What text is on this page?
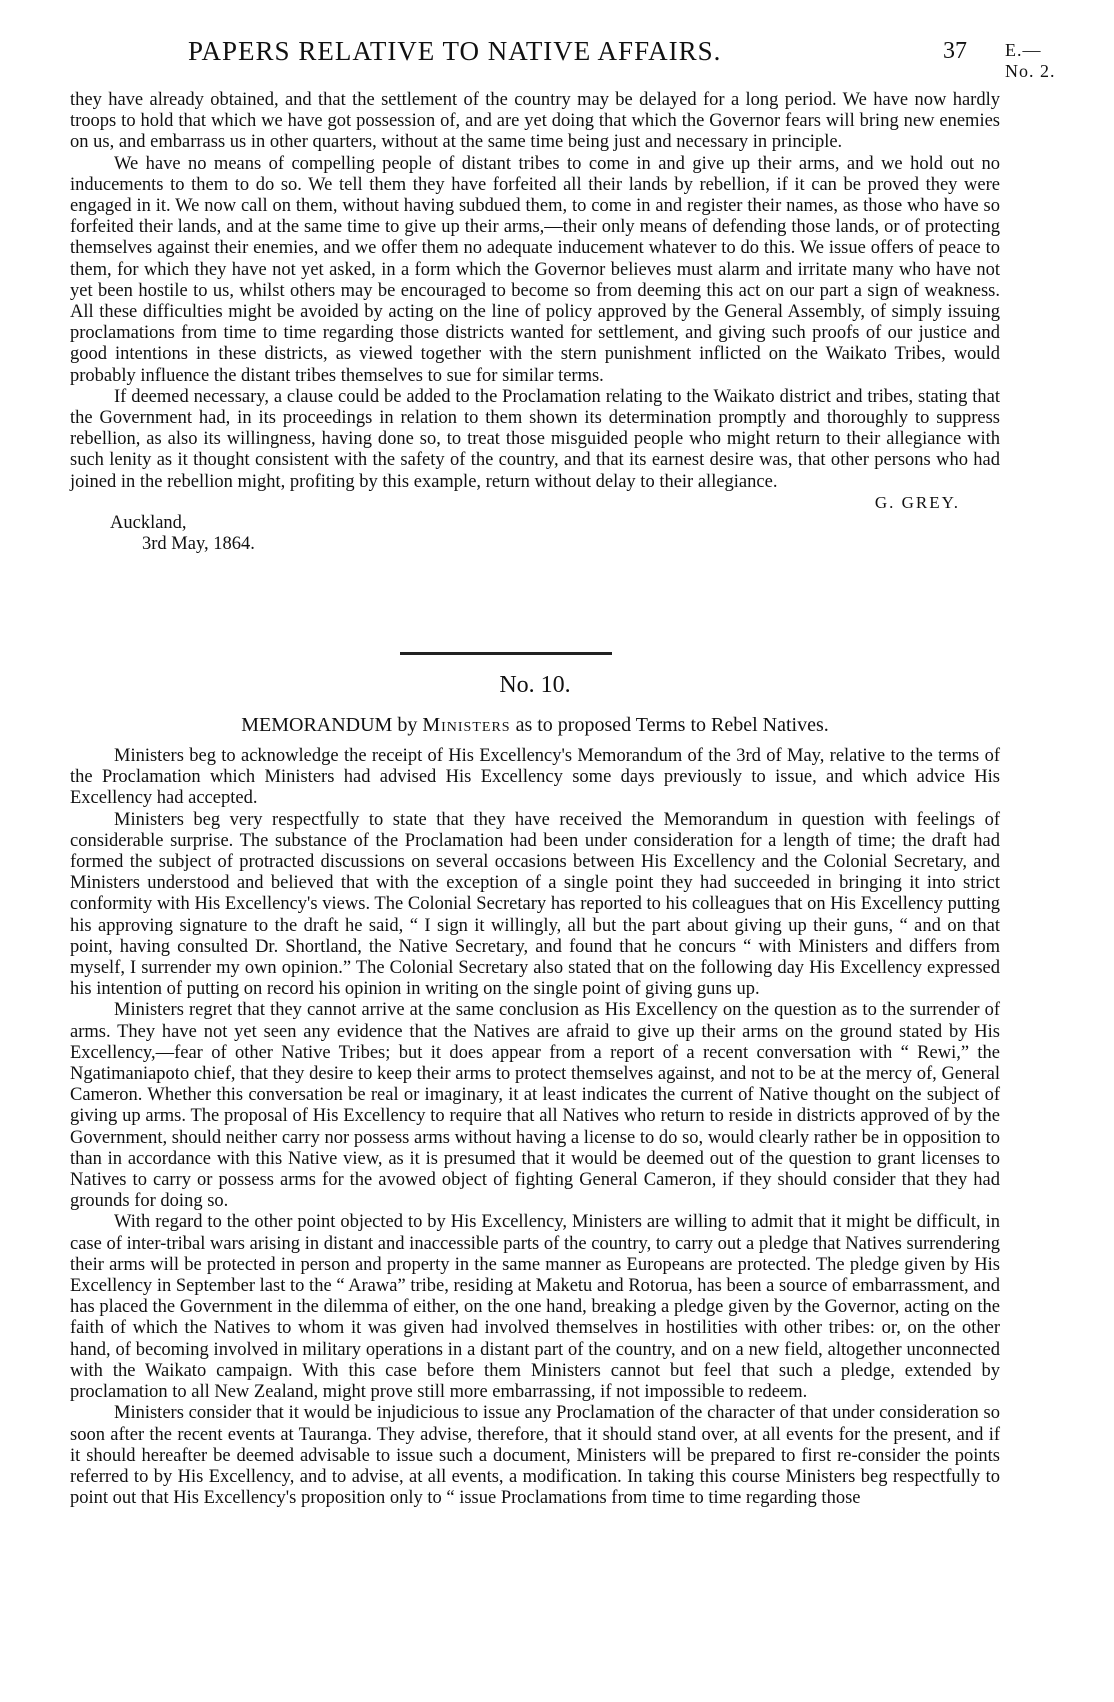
PAPERS RELATIVE TO NATIVE AFFAIRS.	37 E.—No. 2.

they have already obtained, and that the settlement of the country may be delayed for a long period. We have now hardly troops to hold that which we have got possession of, and are yet doing that which the Governor fears will bring new enemies on us, and embarrass us in other quarters, without at the same time being just and necessary in principle.

We have no means of compelling people of distant tribes to come in and give up their arms, and we hold out no inducements to them to do so. We tell them they have forfeited all their lands by rebellion, if it can be proved they were engaged in it. We now call on them, without having subdued them, to come in and register their names, as those who have so forfeited their lands, and at the same time to give up their arms,—their only means of defending those lands, or of protecting themselves against their enemies, and we offer them no adequate inducement whatever to do this. We issue offers of peace to them, for which they have not yet asked, in a form which the Governor believes must alarm and irritate many who have not yet been hostile to us, whilst others may be encouraged to become so from deeming this act on our part a sign of weakness. All these difficulties might be avoided by acting on the line of policy approved by the General Assembly, of simply issuing proclamations from time to time regarding those districts wanted for settlement, and giving such proofs of our justice and good intentions in these districts, as viewed together with the stern punishment inflicted on the Waikato Tribes, would probably influence the distant tribes themselves to sue for similar terms.

If deemed necessary, a clause could be added to the Proclamation relating to the Waikato district and tribes, stating that the Government had, in its proceedings in relation to them shown its determination promptly and thoroughly to suppress rebellion, as also its willingness, having done so, to treat those misguided people who might return to their allegiance with such lenity as it thought consistent with the safety of the country, and that its earnest desire was, that other persons who had joined in the rebellion might, profiting by this example, return without delay to their allegiance.

G. GREY.
Auckland,
3rd May, 1864.
No. 10.
MEMORANDUM by Ministers as to proposed Terms to Rebel Natives.

Ministers beg to acknowledge the receipt of His Excellency's Memorandum of the 3rd of May, relative to the terms of the Proclamation which Ministers had advised His Excellency some days previously to issue, and which advice His Excellency had accepted.

Ministers beg very respectfully to state that they have received the Memorandum in question with feelings of considerable surprise. The substance of the Proclamation had been under consideration for a length of time; the draft had formed the subject of protracted discussions on several occasions between His Excellency and the Colonial Secretary, and Ministers understood and believed that with the exception of a single point they had succeeded in bringing it into strict conformity with His Excellency's views. The Colonial Secretary has reported to his colleagues that on His Excellency putting his approving signature to the draft he said, “ I sign it willingly, all but the part about giving up their guns, “ and on that point, having consulted Dr. Shortland, the Native Secretary, and found that he concurs “ with Ministers and differs from myself, I surrender my own opinion.” The Colonial Secretary also stated that on the following day His Excellency expressed his intention of putting on record his opinion in writing on the single point of giving guns up.

Ministers regret that they cannot arrive at the same conclusion as His Excellency on the question as to the surrender of arms. They have not yet seen any evidence that the Natives are afraid to give up their arms on the ground stated by His Excellency,—fear of other Native Tribes; but it does appear from a report of a recent conversation with “ Rewi,” the Ngatimaniapoto chief, that they desire to keep their arms to protect themselves against, and not to be at the mercy of, General Cameron. Whether this conversation be real or imaginary, it at least indicates the current of Native thought on the subject of giving up arms. The proposal of His Excellency to require that all Natives who return to reside in districts approved of by the Government, should neither carry nor possess arms without having a license to do so, would clearly rather be in opposition to than in accordance with this Native view, as it is presumed that it would be deemed out of the question to grant licenses to Natives to carry or possess arms for the avowed object of fighting General Cameron, if they should consider that they had grounds for doing so.

With regard to the other point objected to by His Excellency, Ministers are willing to admit that it might be difficult, in case of inter-tribal wars arising in distant and inaccessible parts of the country, to carry out a pledge that Natives surrendering their arms will be protected in person and property in the same manner as Europeans are protected. The pledge given by His Excellency in September last to the “ Arawa” tribe, residing at Maketu and Rotorua, has been a source of embarrassment, and has placed the Government in the dilemma of either, on the one hand, breaking a pledge given by the Governor, acting on the faith of which the Natives to whom it was given had involved themselves in hostilities with other tribes: or, on the other hand, of becoming involved in military operations in a distant part of the country, and on a new field, altogether unconnected with the Waikato campaign. With this case before them Ministers cannot but feel that such a pledge, extended by proclamation to all New Zealand, might prove still more embarrassing, if not impossible to redeem.

Ministers consider that it would be injudicious to issue any Proclamation of the character of that under consideration so soon after the recent events at Tauranga. They advise, therefore, that it should stand over, at all events for the present, and if it should hereafter be deemed advisable to issue such a document, Ministers will be prepared to first re-consider the points referred to by His Excellency, and to advise, at all events, a modification. In taking this course Ministers beg respectfully to point out that His Excellency's proposition only to “ issue Proclamations from time to time regarding those
